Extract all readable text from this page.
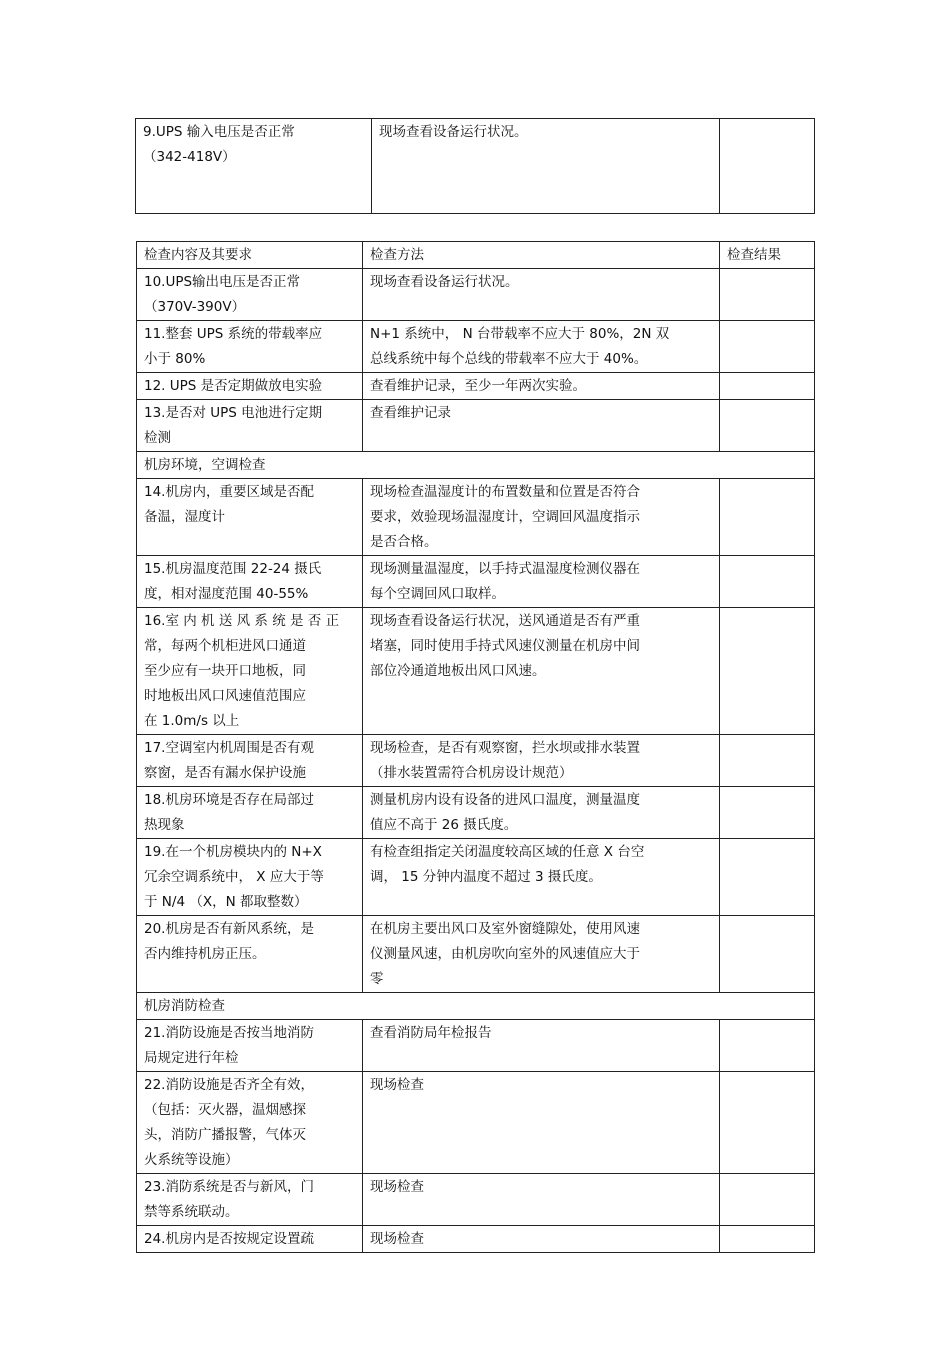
9.UPS 输入电压是否正常
（342-418V）	现场查看设备运行状况。	
检查内容及其要求	检查方法	检查结果
10.UPS输出电压是否正常
（370V-390V）	现场查看设备运行状况。	
11.整套 UPS 系统的带载率应
小于 80%	N+1 系统中， N 台带载率不应大于 80%，2N 双
总线系统中每个总线的带载率不应大于 40%。	
12. UPS 是否定期做放电实验	查看维护记录，至少一年两次实验。	
13.是否对 UPS 电池进行定期
检测	查看维护记录	
机房环境，空调检查		
14.机房内，重要区域是否配
备温，湿度计	现场检查温湿度计的布置数量和位置是否符合
要求，效验现场温湿度计，空调回风温度指示
是否合格。	
15.机房温度范围 22-24 摄氏
度，相对湿度范围 40-55%	现场测量温湿度，以手持式温湿度检测仪器在
每个空调回风口取样。	
16.室 内 机 送 风 系 统 是 否 正
常，每两个机柜进风口通道
至少应有一块开口地板，同
时地板出风口风速值范围应
在 1.0m/s 以上	现场查看设备运行状况，送风通道是否有严重
堵塞，同时使用手持式风速仪测量在机房中间
部位冷通道地板出风口风速。	
17.空调室内机周围是否有观
察窗，是否有漏水保护设施	现场检查，是否有观察窗，拦水坝或排水装置
（排水装置需符合机房设计规范）	
18.机房环境是否存在局部过
热现象	测量机房内设有设备的进风口温度，测量温度
值应不高于 26 摄氏度。	
19.在一个机房模块内的 N+X
冗余空调系统中， X 应大于等
于 N/4 （X，N 都取整数）	有检查组指定关闭温度较高区域的任意 X 台空
调， 15 分钟内温度不超过 3 摄氏度。	
20.机房是否有新风系统，是
否内维持机房正压。	在机房主要出风口及室外窗缝隙处，使用风速
仪测量风速，由机房吹向室外的风速值应大于
零	
机房消防检查		
21.消防设施是否按当地消防
局规定进行年检	查看消防局年检报告	
22.消防设施是否齐全有效，
（包括：灭火器，温烟感探
头，消防广播报警，气体灭
火系统等设施）	现场检查	
23.消防系统是否与新风，门
禁等系统联动。	现场检查	
24.机房内是否按规定设置疏	现场检查	
